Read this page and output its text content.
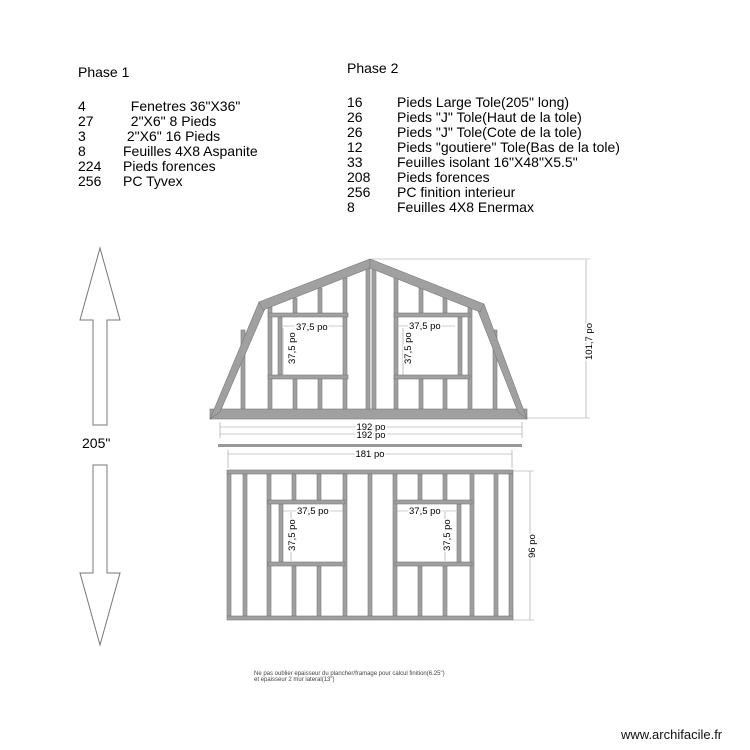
Phase 1
4	Fenetres 36"X36"
27	2"X6" 8 Pieds
3	2"X6" 16 Pieds
8	Feuilles 4X8 Aspanite
224	Pieds forences
256	PC Tyvex
Phase 2
16	Pieds Large Tole(205" long)
26	Pieds "J" Tole(Haut de la tole)
26	Pieds "J" Tole(Cote de la tole)
12	Pieds "goutiere" Tole(Bas de la tole)
33	Feuilles isolant 16"X48"X5.5"
208	Pieds forences
256	PC finition interieur
8	Feuilles 4X8 Enermax
205"
37,5 po
37,5 po
37,5 po
37,5 po
192 po
192 po
101,7 po
181 po
37,5 po
37,5 po
37,5 po
37,5 po	96 po
Ne pas oublier epaisseur du plancher/framage pour calcul finition(6.25")
et epaisseur 2 mur lateral(13")
www.archifacile.fr
